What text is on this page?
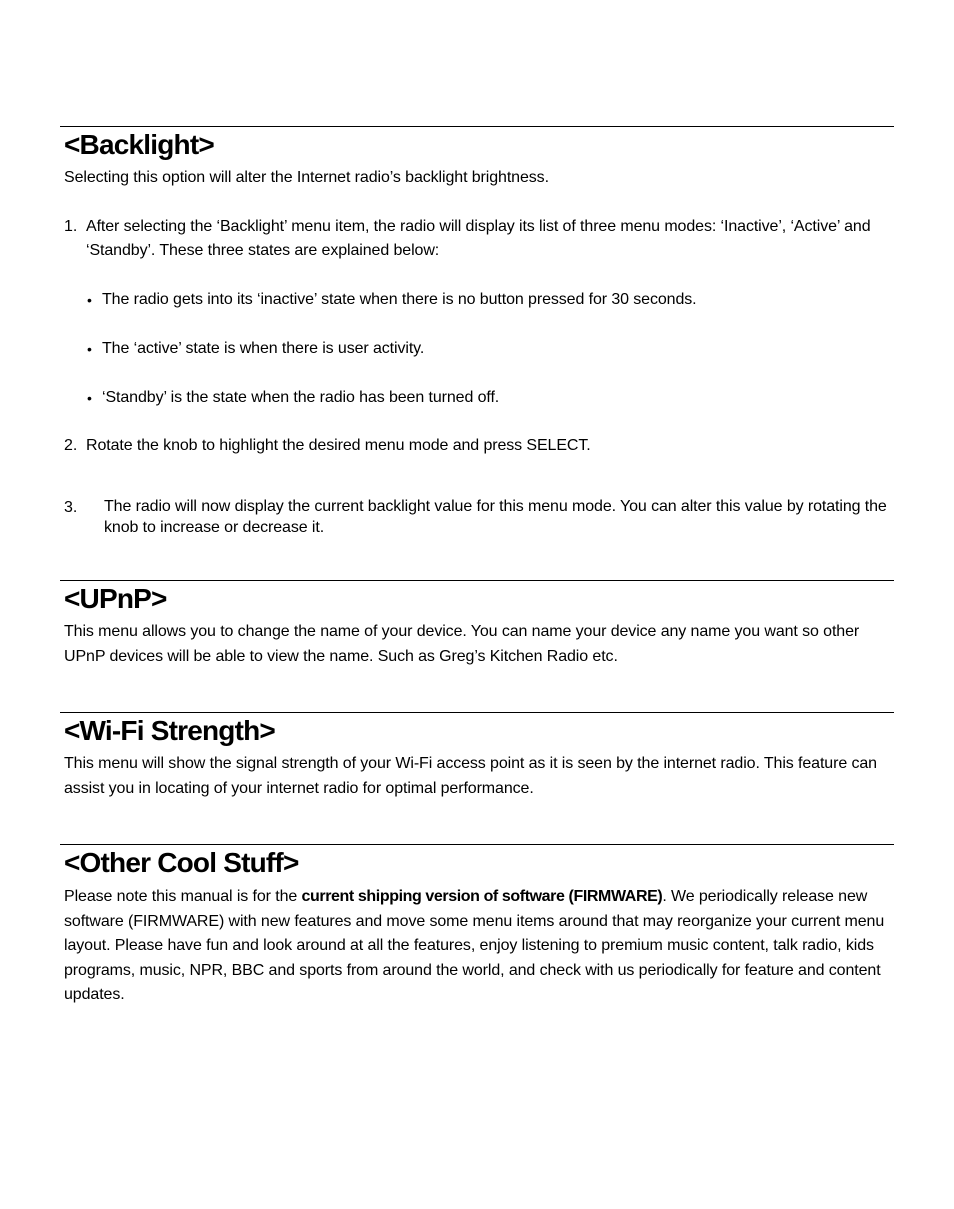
<Backlight>

Selecting this option will alter the Internet radio’s backlight brightness.

1. After selecting the ‘Backlight’ menu item, the radio will display its list of three menu modes: ‘Inactive’, ‘Active’ and ‘Standby’. These three states are explained below:

• The radio gets into its ‘inactive’ state when there is no button pressed for 30 seconds.

• The ‘active’ state is when there is user activity.

• ‘Standby’ is the state when the radio has been turned off.

2. Rotate the knob to highlight the desired menu mode and press SELECT.

3. The radio will now display the current backlight value for this menu mode. You can alter this value by rotating the knob to increase or decrease it.

<UPnP>

This menu allows you to change the name of your device. You can name your device any name you want so other UPnP devices will be able to view the name. Such as Greg’s Kitchen Radio etc.

<Wi-Fi Strength>

This menu will show the signal strength of your Wi-Fi access point as it is seen by the internet radio. This feature can assist you in locating of your internet radio for optimal performance.

<Other Cool Stuff>

Please note this manual is for the current shipping version of software (FIRMWARE). We periodically release new software (FIRMWARE) with new features and move some menu items around that may reorganize your current menu layout. Please have fun and look around at all the features, enjoy listening to premium music content, talk radio, kids programs, music, NPR, BBC and sports from around the world, and check with us periodically for feature and content updates.
